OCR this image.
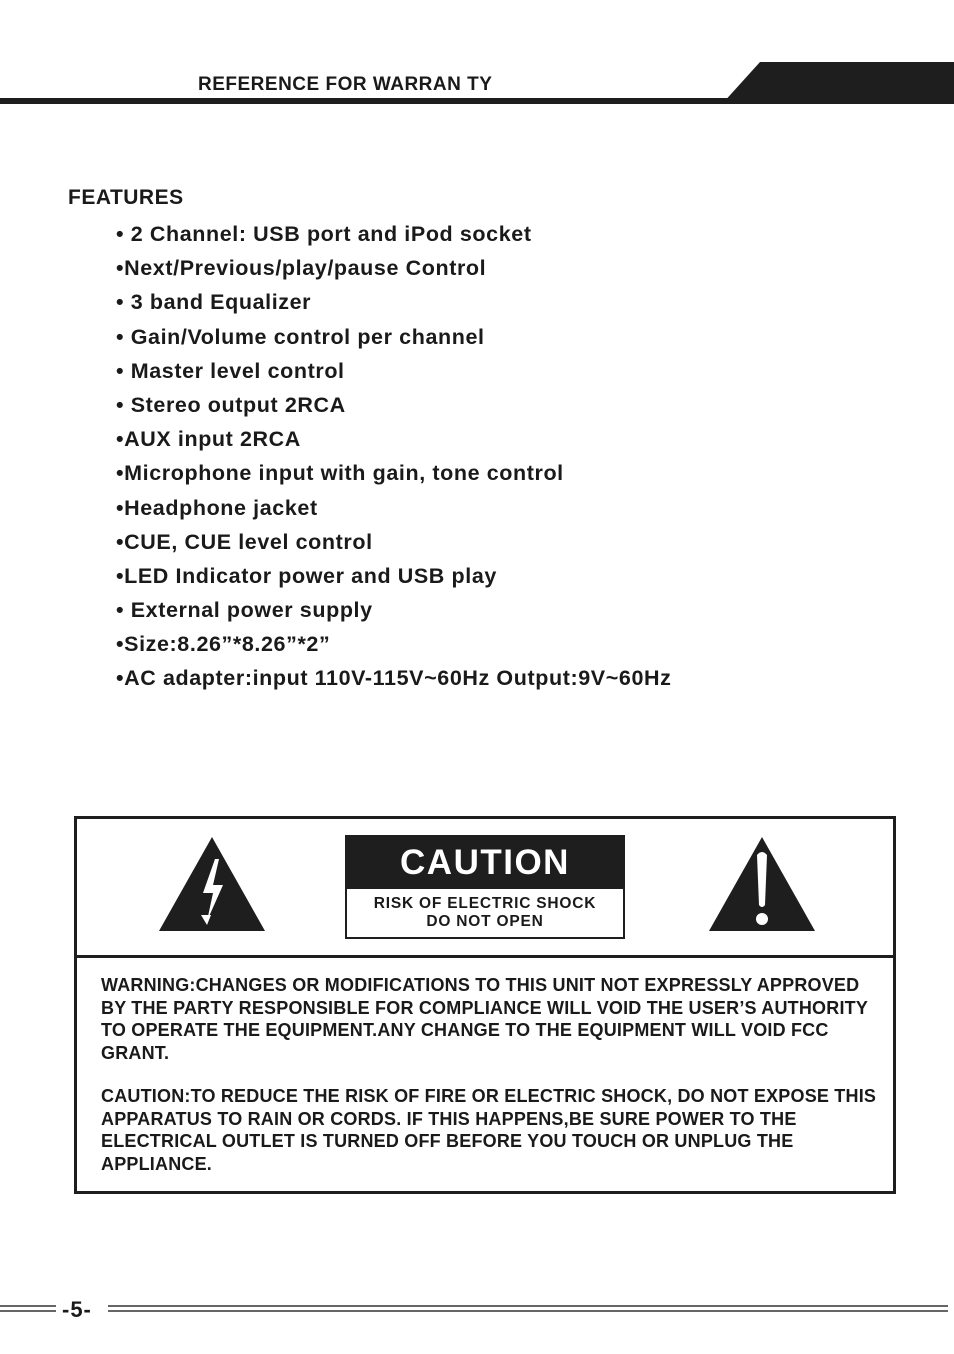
REFERENCE FOR WARRAN TY
FEATURES
• 2 Channel: USB port and iPod socket
•Next/Previous/play/pause Control
• 3 band Equalizer
• Gain/Volume control per channel
• Master level control
• Stereo output 2RCA
•AUX input 2RCA
•Microphone input with gain, tone control
•Headphone jacket
•CUE, CUE level control
•LED Indicator power and USB play
• External power supply
•Size:8.26”*8.26”*2”
•AC adapter:input 110V-115V~60Hz Output:9V~60Hz
CAUTION
RISK OF ELECTRIC SHOCK
DO NOT OPEN

WARNING:CHANGES OR MODIFICATIONS TO THIS UNIT NOT EXPRESSLY APPROVED BY THE PARTY RESPONSIBLE FOR COMPLIANCE WILL VOID THE USER’S AUTHORITY TO OPERATE THE EQUIPMENT.ANY CHANGE TO THE EQUIPMENT WILL VOID FCC GRANT.

CAUTION:TO REDUCE THE RISK OF FIRE OR ELECTRIC SHOCK, DO NOT EXPOSE THIS APPARATUS TO RAIN OR CORDS. IF THIS HAPPENS,BE SURE POWER TO THE ELECTRICAL OUTLET IS TURNED OFF BEFORE YOU TOUCH OR UNPLUG THE APPLIANCE.

-5-
